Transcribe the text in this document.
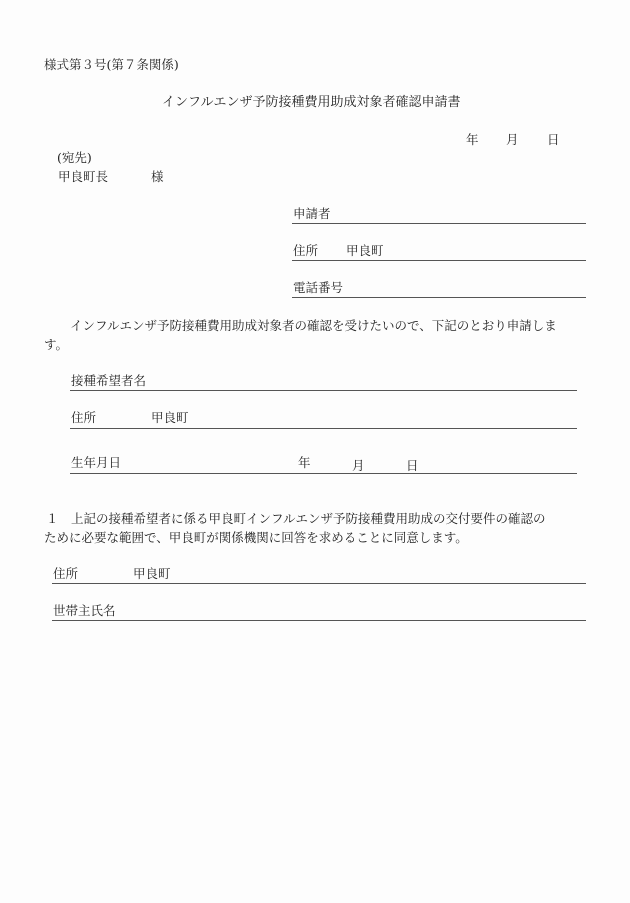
様式第３号(第７条関係)
インフルエンザ予防接種費用助成対象者確認申請書
年 月 日
(宛先)
甲良町長	様
申請者
住所 甲良町
電話番号
インフルエンザ予防接種費用助成対象者の確認を受けたいので、下記のとおり申請しま
す。
接種希望者名
住所	甲良町
生年月日	年	月	日
１　上記の接種希望者に係る甲良町インフルエンザ予防接種費用助成の交付要件の確認の
ために必要な範囲で、甲良町が関係機関に回答を求めることに同意します。
住所	甲良町
世帯主氏名
